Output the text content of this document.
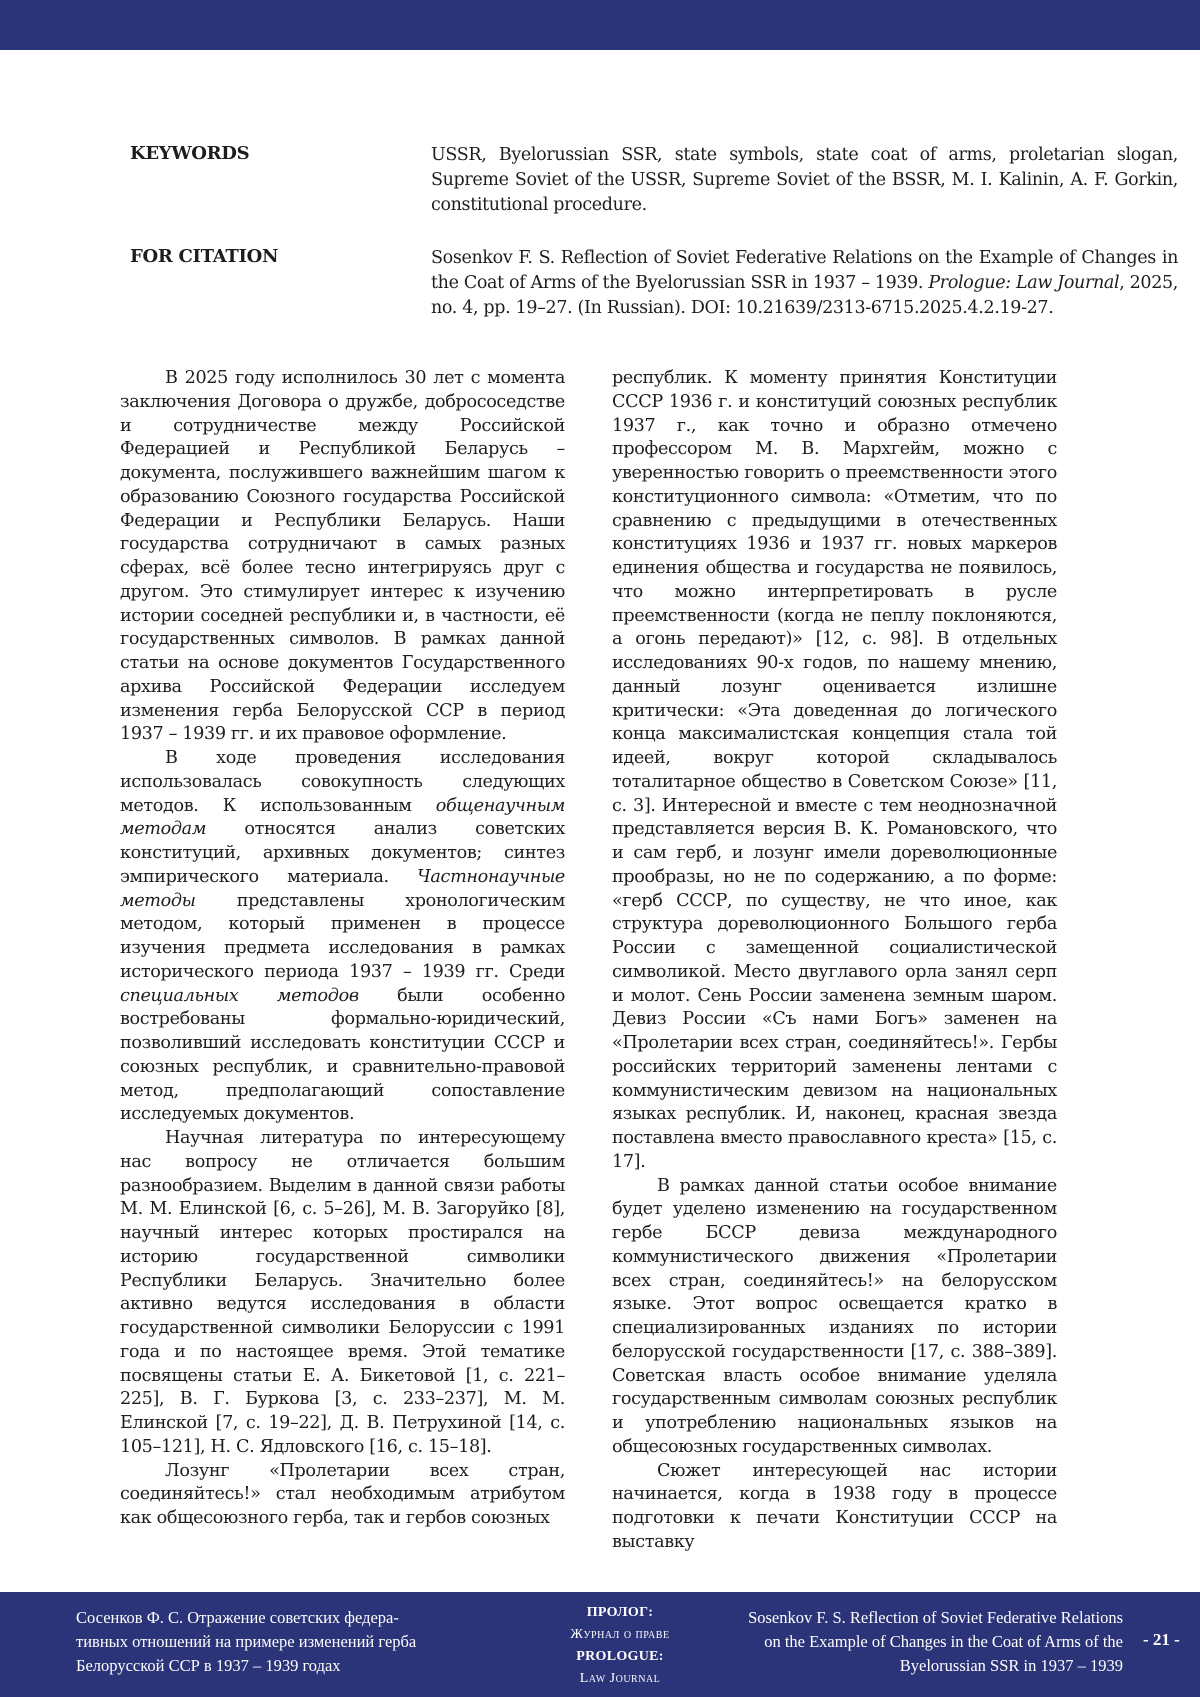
KEYWORDS	USSR, Byelorussian SSR, state symbols, state coat of arms, proletarian slogan, Supreme Soviet of the USSR, Supreme Soviet of the BSSR, M. I. Kalinin, A. F. Gorkin, constitutional procedure.
FOR CITATION	Sosenkov F. S. Reflection of Soviet Federative Relations on the Example of Changes in the Coat of Arms of the Byelorussian SSR in 1937 – 1939. Prologue: Law Journal, 2025, no. 4, pp. 19–27. (In Russian). DOI: 10.21639/2313-6715.2025.4.2.19-27.

В 2025 году исполнилось 30 лет с момента заключения Договора о дружбе, добрососедстве и сотрудничестве между Российской Федерацией и Республикой Беларусь – документа, послужившего важнейшим шагом к образованию Союзного государства Российской Федерации и Республики Беларусь. Наши государства сотрудничают в самых разных сферах, всё более тесно интегрируясь друг с другом. Это стимулирует интерес к изучению истории соседней республики и, в частности, её государственных символов. В рамках данной статьи на основе документов Государственного архива Российской Федерации исследуем изменения герба Белорусской ССР в период 1937 – 1939 гг. и их правовое оформление.

В ходе проведения исследования использовалась совокупность следующих методов. К использованным общенаучным методам относятся анализ советских конституций, архивных документов; синтез эмпирического материала. Частнонаучные методы представлены хронологическим методом, который применен в процессе изучения предмета исследования в рамках исторического периода 1937 – 1939 гг. Среди специальных методов были особенно востребованы формально-юридический, позволивший исследовать конституции СССР и союзных республик, и сравнительно-правовой метод, предполагающий сопоставление исследуемых документов.

Научная литература по интересующему нас вопросу не отличается большим разнообразием. Выделим в данной связи работы М. М. Елинской [6, с. 5–26], М. В. Загоруйко [8], научный интерес которых простирался на историю государственной символики Республики Беларусь. Значительно более активно ведутся исследования в области государственной символики Белоруссии с 1991 года и по настоящее время. Этой тематике посвящены статьи Е. А. Бикетовой [1, с. 221–225], В. Г. Буркова [3, с. 233–237], М. М. Елинской [7, с. 19–22], Д. В. Петрухиной [14, с. 105–121], Н. С. Ядловского [16, с. 15–18].

Лозунг «Пролетарии всех стран, соединяйтесь!» стал необходимым атрибутом как общесоюзного герба, так и гербов союзных

республик. К моменту принятия Конституции СССР 1936 г. и конституций союзных республик 1937 г., как точно и образно отмечено профессором М. В. Мархгейм, можно с уверенностью говорить о преемственности этого конституционного символа: «Отметим, что по сравнению с предыдущими в отечественных конституциях 1936 и 1937 гг. новых маркеров единения общества и государства не появилось, что можно интерпретировать в русле преемственности (когда не пеплу поклоняются, а огонь передают)» [12, с. 98]. В отдельных исследованиях 90-х годов, по нашему мнению, данный лозунг оценивается излишне критически: «Эта доведенная до логического конца максималистская концепция стала той идеей, вокруг которой складывалось тоталитарное общество в Советском Союзе» [11, с. 3]. Интересной и вместе с тем неоднозначной представляется версия В. К. Романовского, что и сам герб, и лозунг имели дореволюционные прообразы, но не по содержанию, а по форме: «герб СССР, по существу, не что иное, как структура дореволюционного Большого герба России с замещенной социалистической символикой. Место двуглавого орла занял серп и молот. Сень России заменена земным шаром. Девиз России «Съ нами Богъ» заменен на «Пролетарии всех стран, соединяйтесь!». Гербы российских территорий заменены лентами с коммунистическим девизом на национальных языках республик. И, наконец, красная звезда поставлена вместо православного креста» [15, с. 17].

В рамках данной статьи особое внимание будет уделено изменению на государственном гербе БССР девиза международного коммунистического движения «Пролетарии всех стран, соединяйтесь!» на белорусском языке. Этот вопрос освещается кратко в специализированных изданиях по истории белорусской государственности [17, с. 388–389]. Советская власть особое внимание уделяла государственным символам союзных республик и употреблению национальных языков на общесоюзных государственных символах.

Сюжет интересующей нас истории начинается, когда в 1938 году в процессе подготовки к печати Конституции СССР на выставку

Сосенков Ф. С. Отражение советских федера-
тивных отношений на примере изменений герба
Белорусской ССР в 1937 – 1939 годах
ПРОЛОГ:
Журнал о праве
PROLOGUE:
Law Journal
Sosenkov F. S. Reflection of Soviet Federative Relations
on the Example of Changes in the Coat of Arms of the
Byelorussian SSR in 1937 – 1939
- 21 -
